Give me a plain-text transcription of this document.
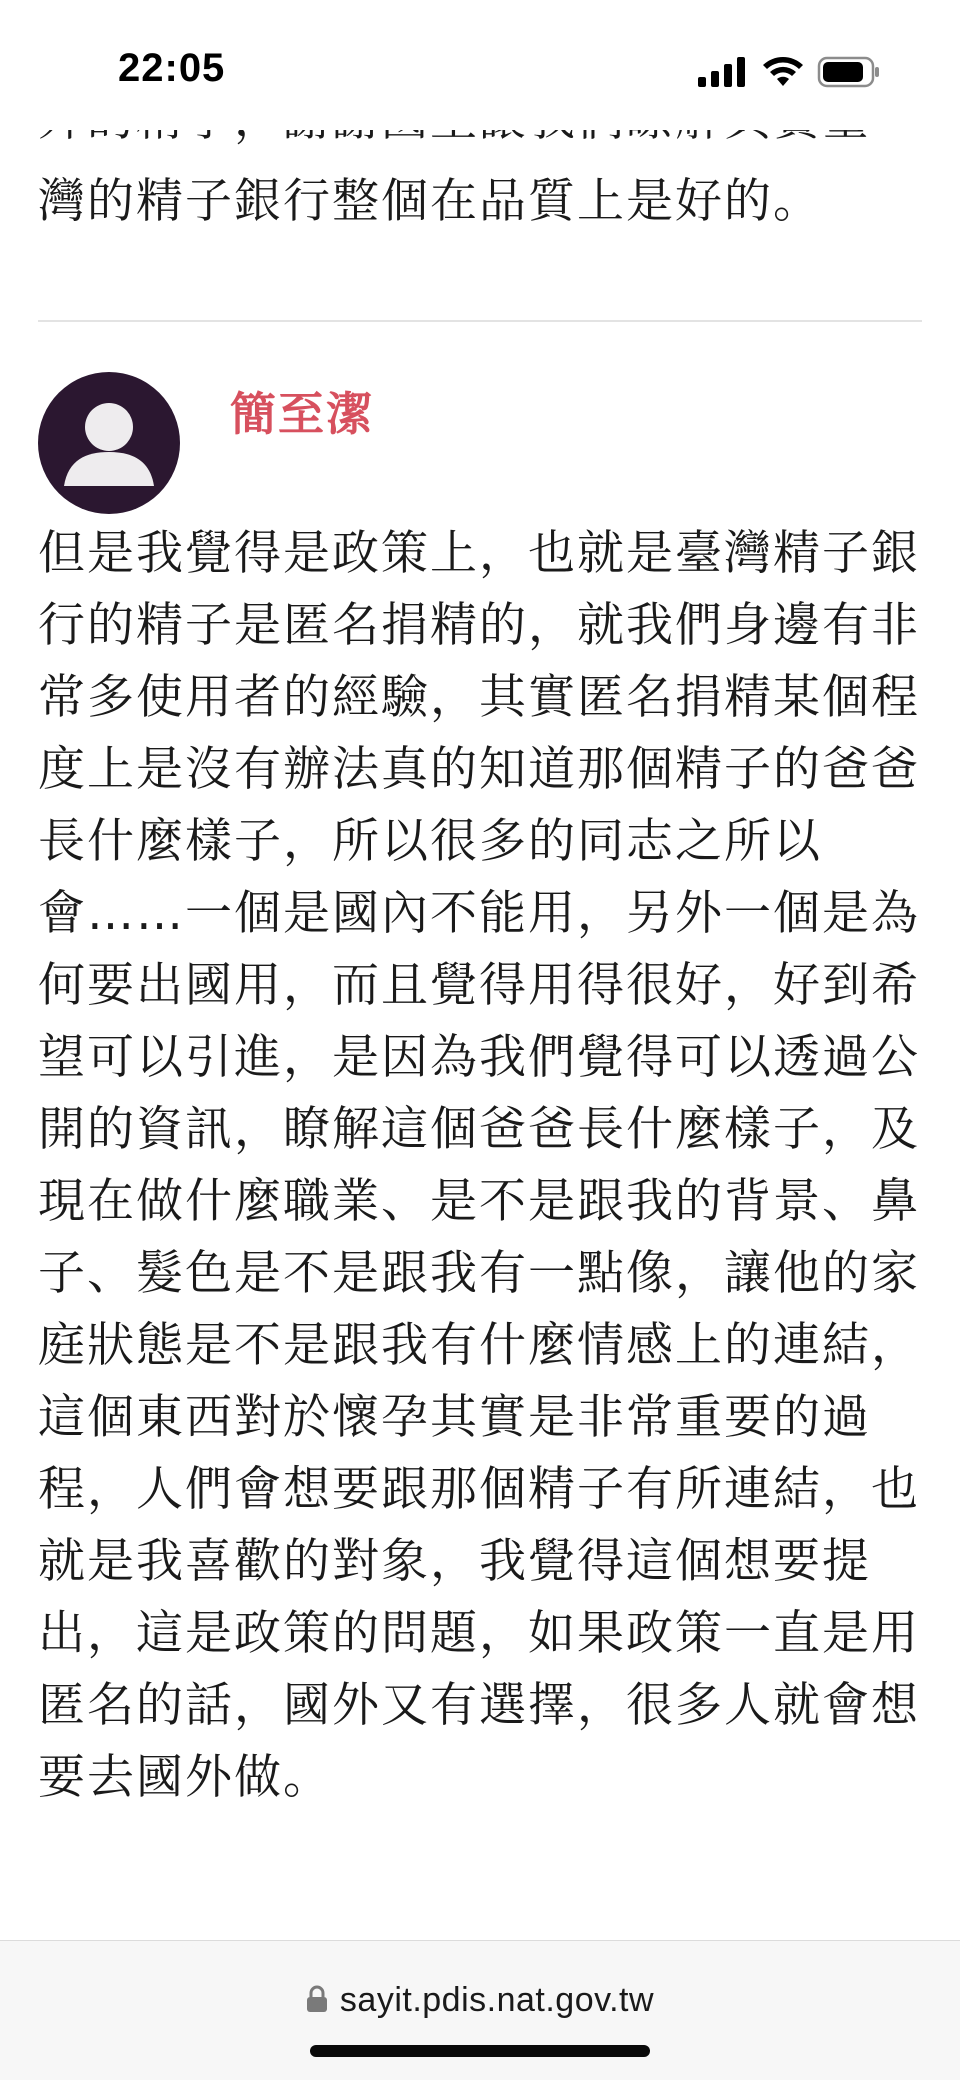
22:05

灣的精子銀行整個在品質上是好的。

簡至潔

但是我覺得是政策上，也就是臺灣精子銀行的精子是匿名捐精的，就我們身邊有非常多使用者的經驗，其實匿名捐精某個程度上是沒有辦法真的知道那個精子的爸爸長什麼樣子，所以很多的同志之所以會……一個是國內不能用，另外一個是為何要出國用，而且覺得用得很好，好到希望可以引進，是因為我們覺得可以透過公開的資訊，瞭解這個爸爸長什麼樣子，及現在做什麼職業、是不是跟我的背景、鼻子、髮色是不是跟我有一點像，讓他的家庭狀態是不是跟我有什麼情感上的連結，這個東西對於懷孕其實是非常重要的過程，人們會想要跟那個精子有所連結，也就是我喜歡的對象，我覺得這個想要提出，這是政策的問題，如果政策一直是用匿名的話，國外又有選擇，很多人就會想要去國外做。

sayit.pdis.nat.gov.tw
